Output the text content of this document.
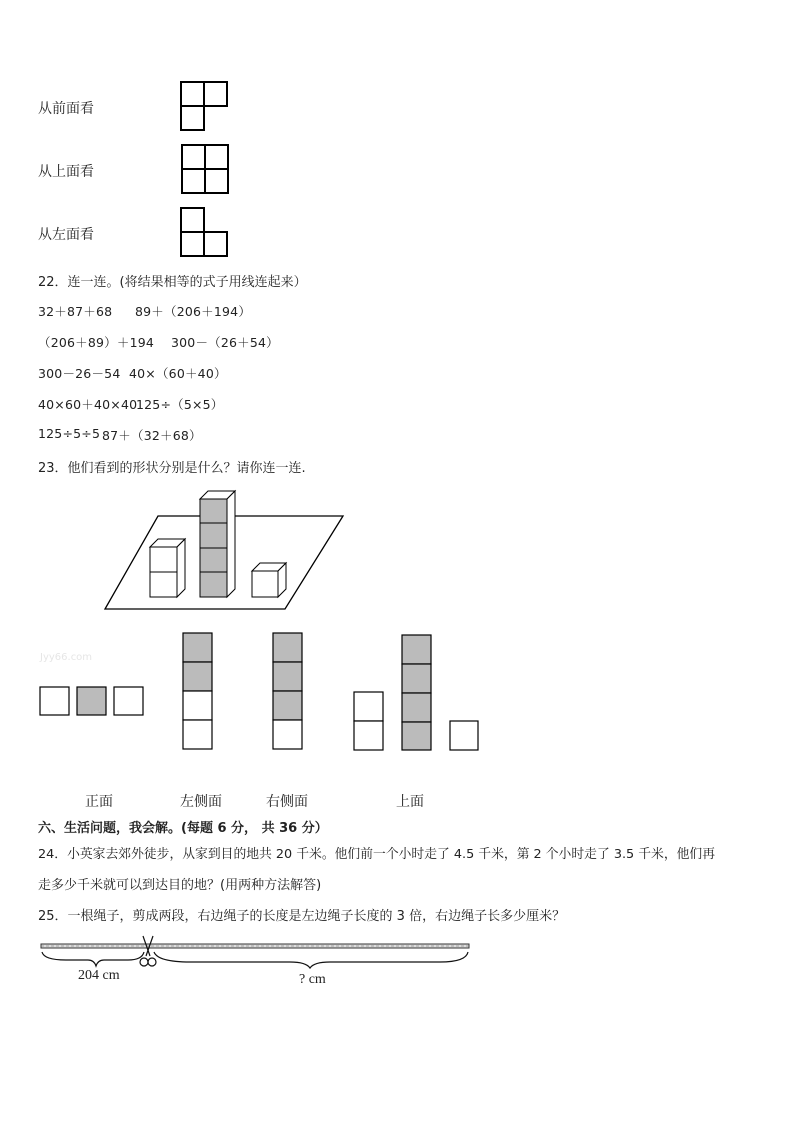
从前面看
从上面看
从左面看
22．连一连。(将结果相等的式子用线连起来）
32＋87＋68 89＋（206＋194）
（206＋89）＋194 300－（26＋54）
300－26－54 40×（60＋40）
40×60＋40×40
125÷（5×5）
125÷5÷5 87＋（32＋68）
23．他们看到的形状分别是什么？请你连一连.
Jyy66.com
正面	左侧面	右侧面	上面
六、生活问题，我会解。(每题 6 分， 共 36 分）
24．小英家去郊外徒步，从家到目的地共 20 千米。他们前一个小时走了 4.5 千米，第 2 个小时走了 3.5 千米，他们再
走多少千米就可以到达目的地？(用两种方法解答)
25．一根绳子，剪成两段，右边绳子的长度是左边绳子长度的 3 倍，右边绳子长多少厘米？
204 cm	? cm
